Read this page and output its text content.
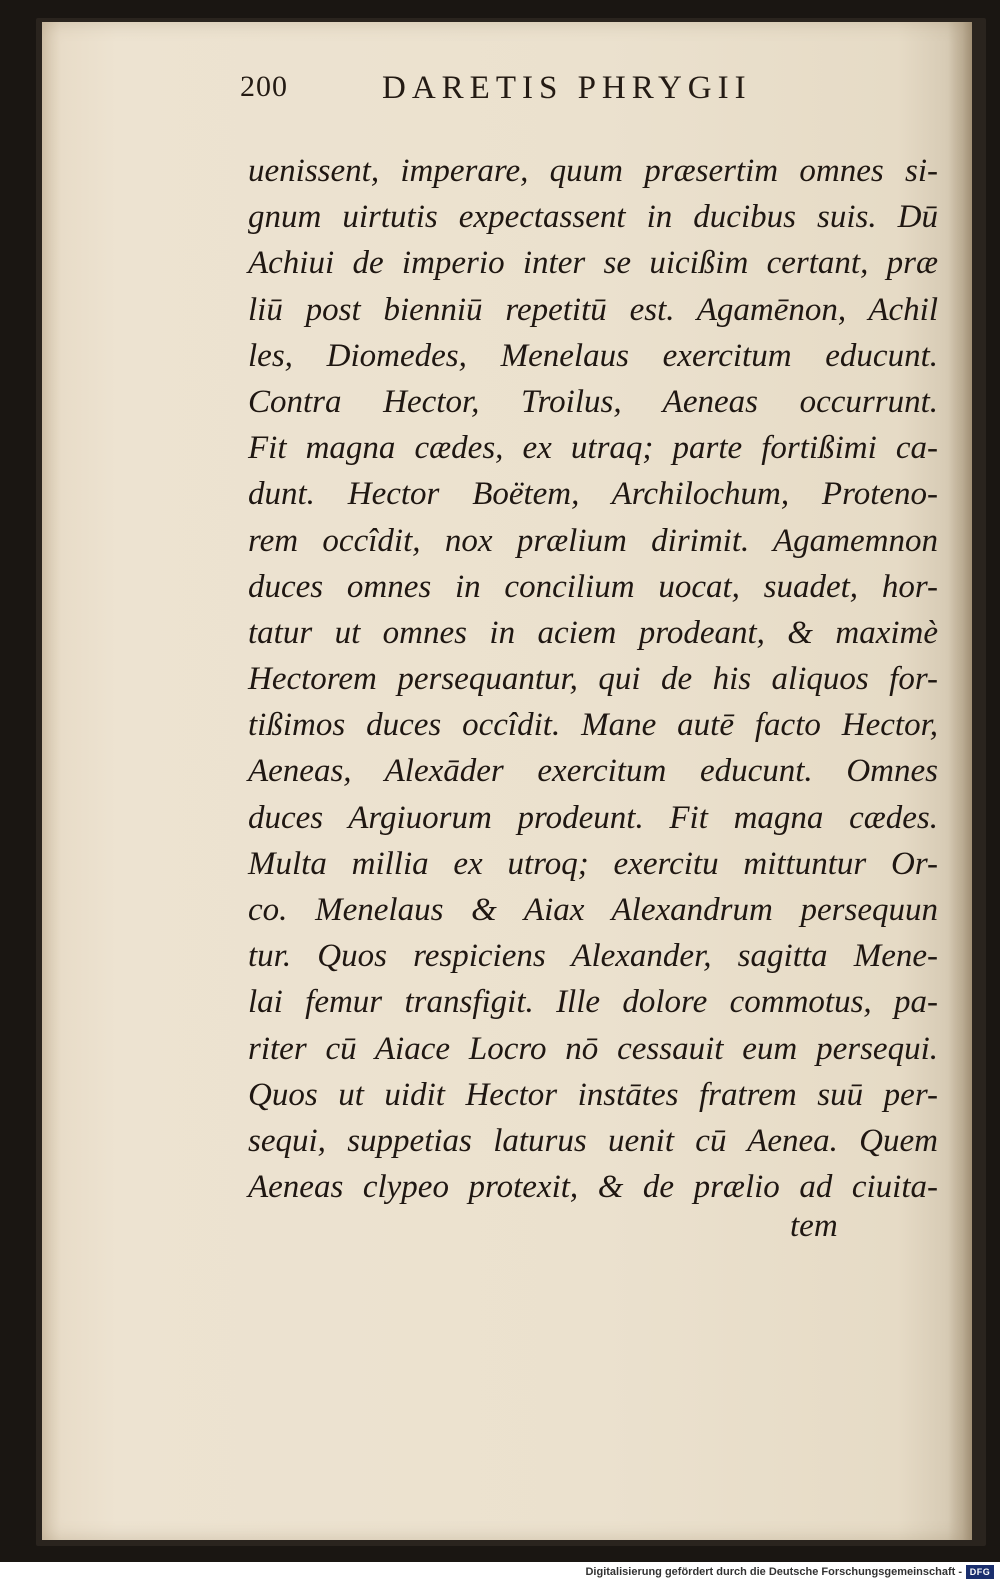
200	DARETIS PHRYGII
uenissent, imperare, quum præsertim omnes si-
gnum uirtutis expectassent in ducibus suis. Dū
Achiui de imperio inter se uicißim certant, præ
liū post bienniū repetitū est. Agamēnon, Achil
les, Diomedes, Menelaus exercitum educunt.
Contra Hector, Troilus, Aeneas occurrunt.
Fit magna cædes, ex utraq; parte fortißimi ca-
dunt. Hector Boëtem, Archilochum, Proteno-
rem occîdit, nox prælium dirimit. Agamemnon
duces omnes in concilium uocat, suadet, hor-
tatur ut omnes in aciem prodeant, & maximè
Hectorem persequantur, qui de his aliquos for-
tißimos duces occîdit. Mane autē facto Hector,
Aeneas, Alexāder exercitum educunt. Omnes
duces Argiuorum prodeunt. Fit magna cædes.
Multa millia ex utroq; exercitu mittuntur Or-
co. Menelaus & Aiax Alexandrum persequun
tur. Quos respiciens Alexander, sagitta Mene-
lai femur transfigit. Ille dolore commotus, pa-
riter cū Aiace Locro nō cessauit eum persequi.
Quos ut uidit Hector instātes fratrem suū per-
sequi, suppetias laturus uenit cū Aenea. Quem
Aeneas clypeo protexit, & de prælio ad ciuita-
tem
Digitalisierung gefördert durch die Deutsche Forschungsgemeinschaft - DFG
